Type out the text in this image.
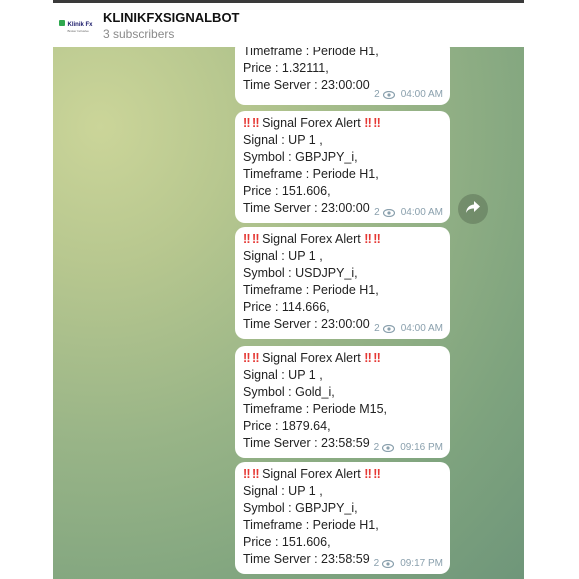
Klinik Fx
Broker Inclusive
KLINIKFXSIGNALBOT
3 subscribers
Timeframe : Periode H1,
Price : 1.32111,
Time Server : 23:00:00
2 04:00 AM
‼ ‼ Signal Forex Alert ‼ ‼
Signal : UP 1 ,
Symbol : GBPJPY_i,
Timeframe : Periode H1,
Price : 151.606,
Time Server : 23:00:00 2 04:00 AM
‼ ‼ Signal Forex Alert ‼ ‼
Signal : UP 1 ,
Symbol : USDJPY_i,
Timeframe : Periode H1,
Price : 114.666,
Time Server : 23:00:00 2 04:00 AM
‼ ‼ Signal Forex Alert ‼ ‼
Signal : UP 1 ,
Symbol : Gold_i,
Timeframe : Periode M15,
Price : 1879.64,
Time Server : 23:58:59 2 09:16 PM
‼ ‼ Signal Forex Alert ‼ ‼
Signal : UP 1 ,
Symbol : GBPJPY_i,
Timeframe : Periode H1,
Price : 151.606,
Time Server : 23:58:59 2 09:17 PM
